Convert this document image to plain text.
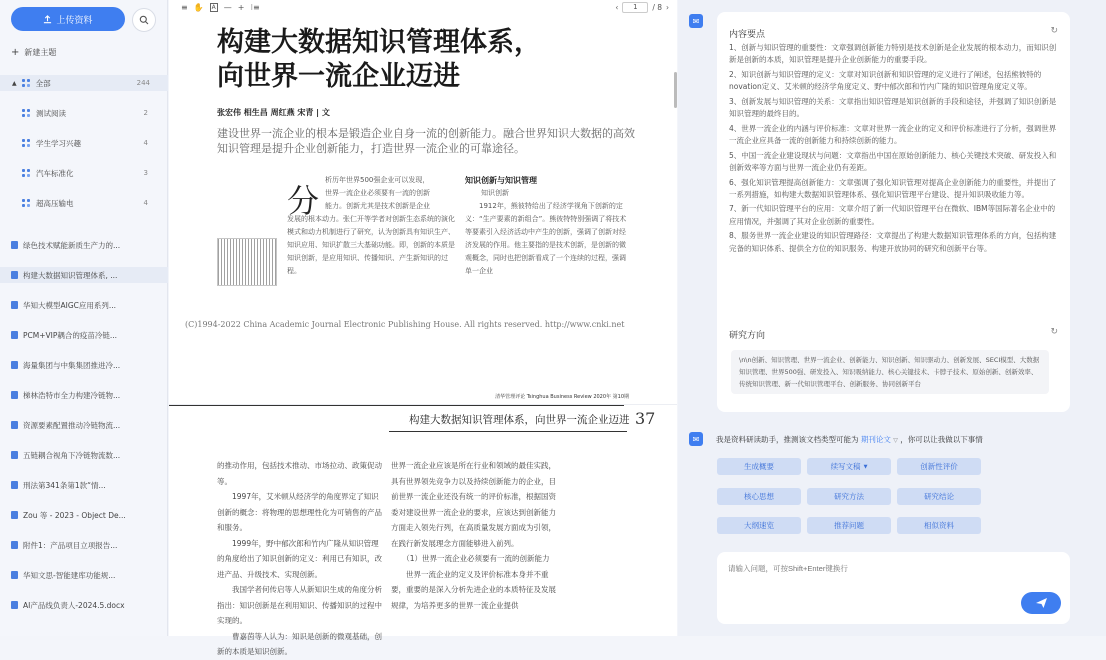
上传资料
+ 新建主题
▲	全部	244
测试阅读	2
学生学习兴趣	4
汽车标准化	3
超高压输电	4
绿色技术赋能新质生产力的...
构建大数据知识管理体系, ...
华知大模型AIGC应用系列...
PCM+VIP耦合的疫苗冷链...
海量集团与中集集团推进冷...
梯林浩特市全力构建冷链物...
资源要素配置推动冷链物流...
五链耦合视角下冷链物流数...
刑法第341条第1款“情...
Zou 等 - 2023 - Object De...
附件1：产品项目立项报告...
华知文思-智能建库功能规...
AI产品线负责人-2024.5.docx
≡ ✋	A — + ⁝≡	‹	1	/ 8 ›
构建大数据知识管理体系，
向世界一流企业迈进
张宏伟 相生昌 周红燕 宋青 | 文
建设世界一流企业的根本是锻造企业自身一流的创新能力。融合世界知识大数据的高效知识管理是提升企业创新能力，打造世界一流企业的可靠途径。
分
析历年世界500强企业可以发现，
世界一流企业必须要有一流的创新
能力。创新尤其是技术创新是企业
发展的根本动力。张仁开等学者对创新生态系统的演化模式和动力机制进行了研究，认为创新具有知识生产、知识应用、知识扩散三大基础功能。即，创新的本质是知识创新，是应用知识、传播知识、产生新知识的过程。
知识创新与知识管理
知识创新
1912年，熊彼特给出了经济学视角下创新的定义：“生产要素的新组合”。熊彼特特别强调了将技术等要素引入经济活动中产生的创新，强调了创新对经济发展的作用。他主要指的是技术创新，是创新的微观概念，同时也把创新看成了一个连续的过程，强调单一企业
(C)1994-2022 China Academic Journal Electronic Publishing House. All rights reserved. http://www.cnki.net
清华管理评论 Tsinghua Business Review 2020年 第10期
构建大数据知识管理体系，向世界一流企业迈进 37
的推动作用，包括技术推动、市场拉动、政策促动等。
　　1997年，艾米顿从经济学的角度界定了知识创新的概念：将物理的思想理性化为可销售的产品和服务。
　　1999年，野中郁次郎和竹内广隆从知识管理的角度给出了知识创新的定义：利用已有知识，改进产品、升级技术、实现创新。
　　我国学者何传启等人从新知识生成的角度分析指出：知识创新是在利用知识、传播知识的过程中实现的。
　　曹嘉茵等人认为：知识是创新的微观基础，创新的本质是知识创新。
世界一流企业应该是所在行业和领域的最佳实践，具有世界领先竞争力以及持续创新能力的企业，目前世界一流企业还没有统一的评价标准，根据国资委对建设世界一流企业的要求，应该达到创新能力方面走入领先行列，在高质量发展方面成为引领，在践行新发展理念方面能够进入前列。
　　（1）世界一流企业必须要有一流的创新能力
　　世界一流企业的定义及评价标准本身并不重要，重要的是深入分析先进企业的本质特征及发展规律，为培养更多的世界一流企业提供
✉
内容要点	↻

1、创新与知识管理的重要性：文章强调创新能力特别是技术创新是企业发展的根本动力，而知识创新是创新的本质，知识管理是提升企业创新能力的重要手段。

2、知识创新与知识管理的定义：文章对知识创新和知识管理的定义进行了阐述，包括熊彼特的novation定义、艾米顿的经济学角度定义、野中郁次郎和竹内广隆的知识管理角度定义等。

3、创新发展与知识管理的关系：文章指出知识管理是知识创新的手段和途径，并强调了知识创新是知识管理的最终目的。

4、世界一流企业的内涵与评价标准：文章对世界一流企业的定义和评价标准进行了分析，强调世界一流企业应具备一流的创新能力和持续创新的能力。

5、中国一流企业建设现状与问题：文章指出中国在原始创新能力、核心关键技术突破、研发投入和创新效率等方面与世界一流企业仍有差距。

6、强化知识管理提高创新能力：文章强调了强化知识管理对提高企业创新能力的重要性，并提出了一系列措施，如构建大数据知识管理体系、强化知识管理平台建设、提升知识吸收能力等。

7、新一代知识管理平台的应用：文章介绍了新一代知识管理平台在微软、IBM等国际著名企业中的应用情况，并强调了其对企业创新的重要性。

8、服务世界一流企业建设的知识管理路径：文章提出了构建大数据知识管理体系的方向，包括构建完备的知识体系、提供全方位的知识服务、构建开放协同的研究和创新平台等。

研究方向	↻
\n\n创新、知识管理、世界一流企业、创新能力、知识创新、知识驱动力、创新发展、SECI模型、大数据知识管理、世界500强、研发投入、知识吸纳能力、核心关键技术、卡脖子技术、原始创新、创新效率、传统知识管理、新一代知识管理平台、创新服务、协同创新平台
✉	我是资料研读助手，推测该文档类型可能为 期刊论文 ▽ ，你可以让我做以下事情
生成概要	续写文稿 ▼	创新性评价
核心思想	研究方法	研究结论
大纲速览	推荐问题	相似资料
请输入问题，可按Shift+Enter键换行
